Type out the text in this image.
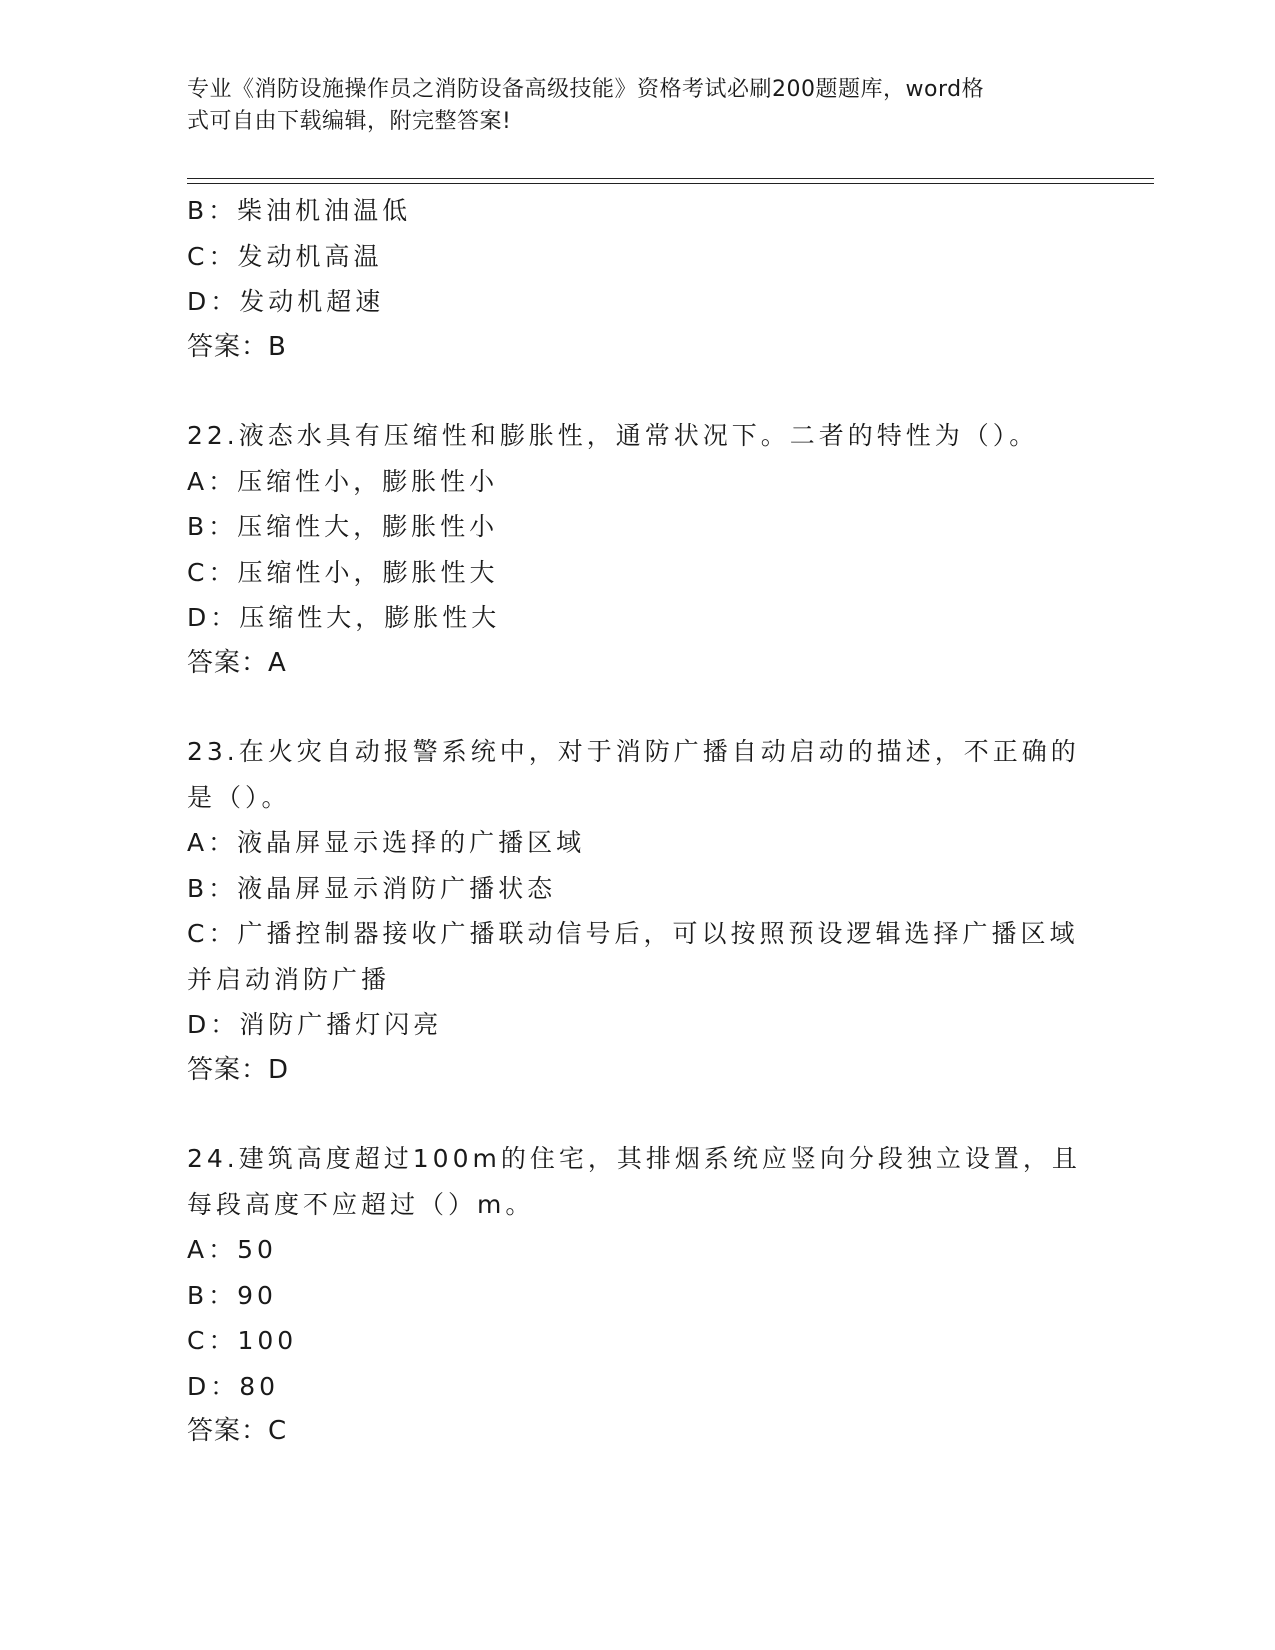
专业《消防设施操作员之消防设备高级技能》资格考试必刷200题题库，word格
式可自由下载编辑，附完整答案!
B：柴油机油温低
C：发动机高温
D：发动机超速
答案：B
22.液态水具有压缩性和膨胀性，通常状况下。二者的特性为（）。
A：压缩性小，膨胀性小
B：压缩性大，膨胀性小
C：压缩性小，膨胀性大
D：压缩性大，膨胀性大
答案：A
23.在火灾自动报警系统中，对于消防广播自动启动的描述，不正确的
是（）。
A：液晶屏显示选择的广播区域
B：液晶屏显示消防广播状态
C：广播控制器接收广播联动信号后，可以按照预设逻辑选择广播区域
并启动消防广播
D：消防广播灯闪亮
答案：D
24.建筑高度超过100m的住宅，其排烟系统应竖向分段独立设置，且
每段高度不应超过（）m。
A：50
B：90
C：100
D：80
答案：C
